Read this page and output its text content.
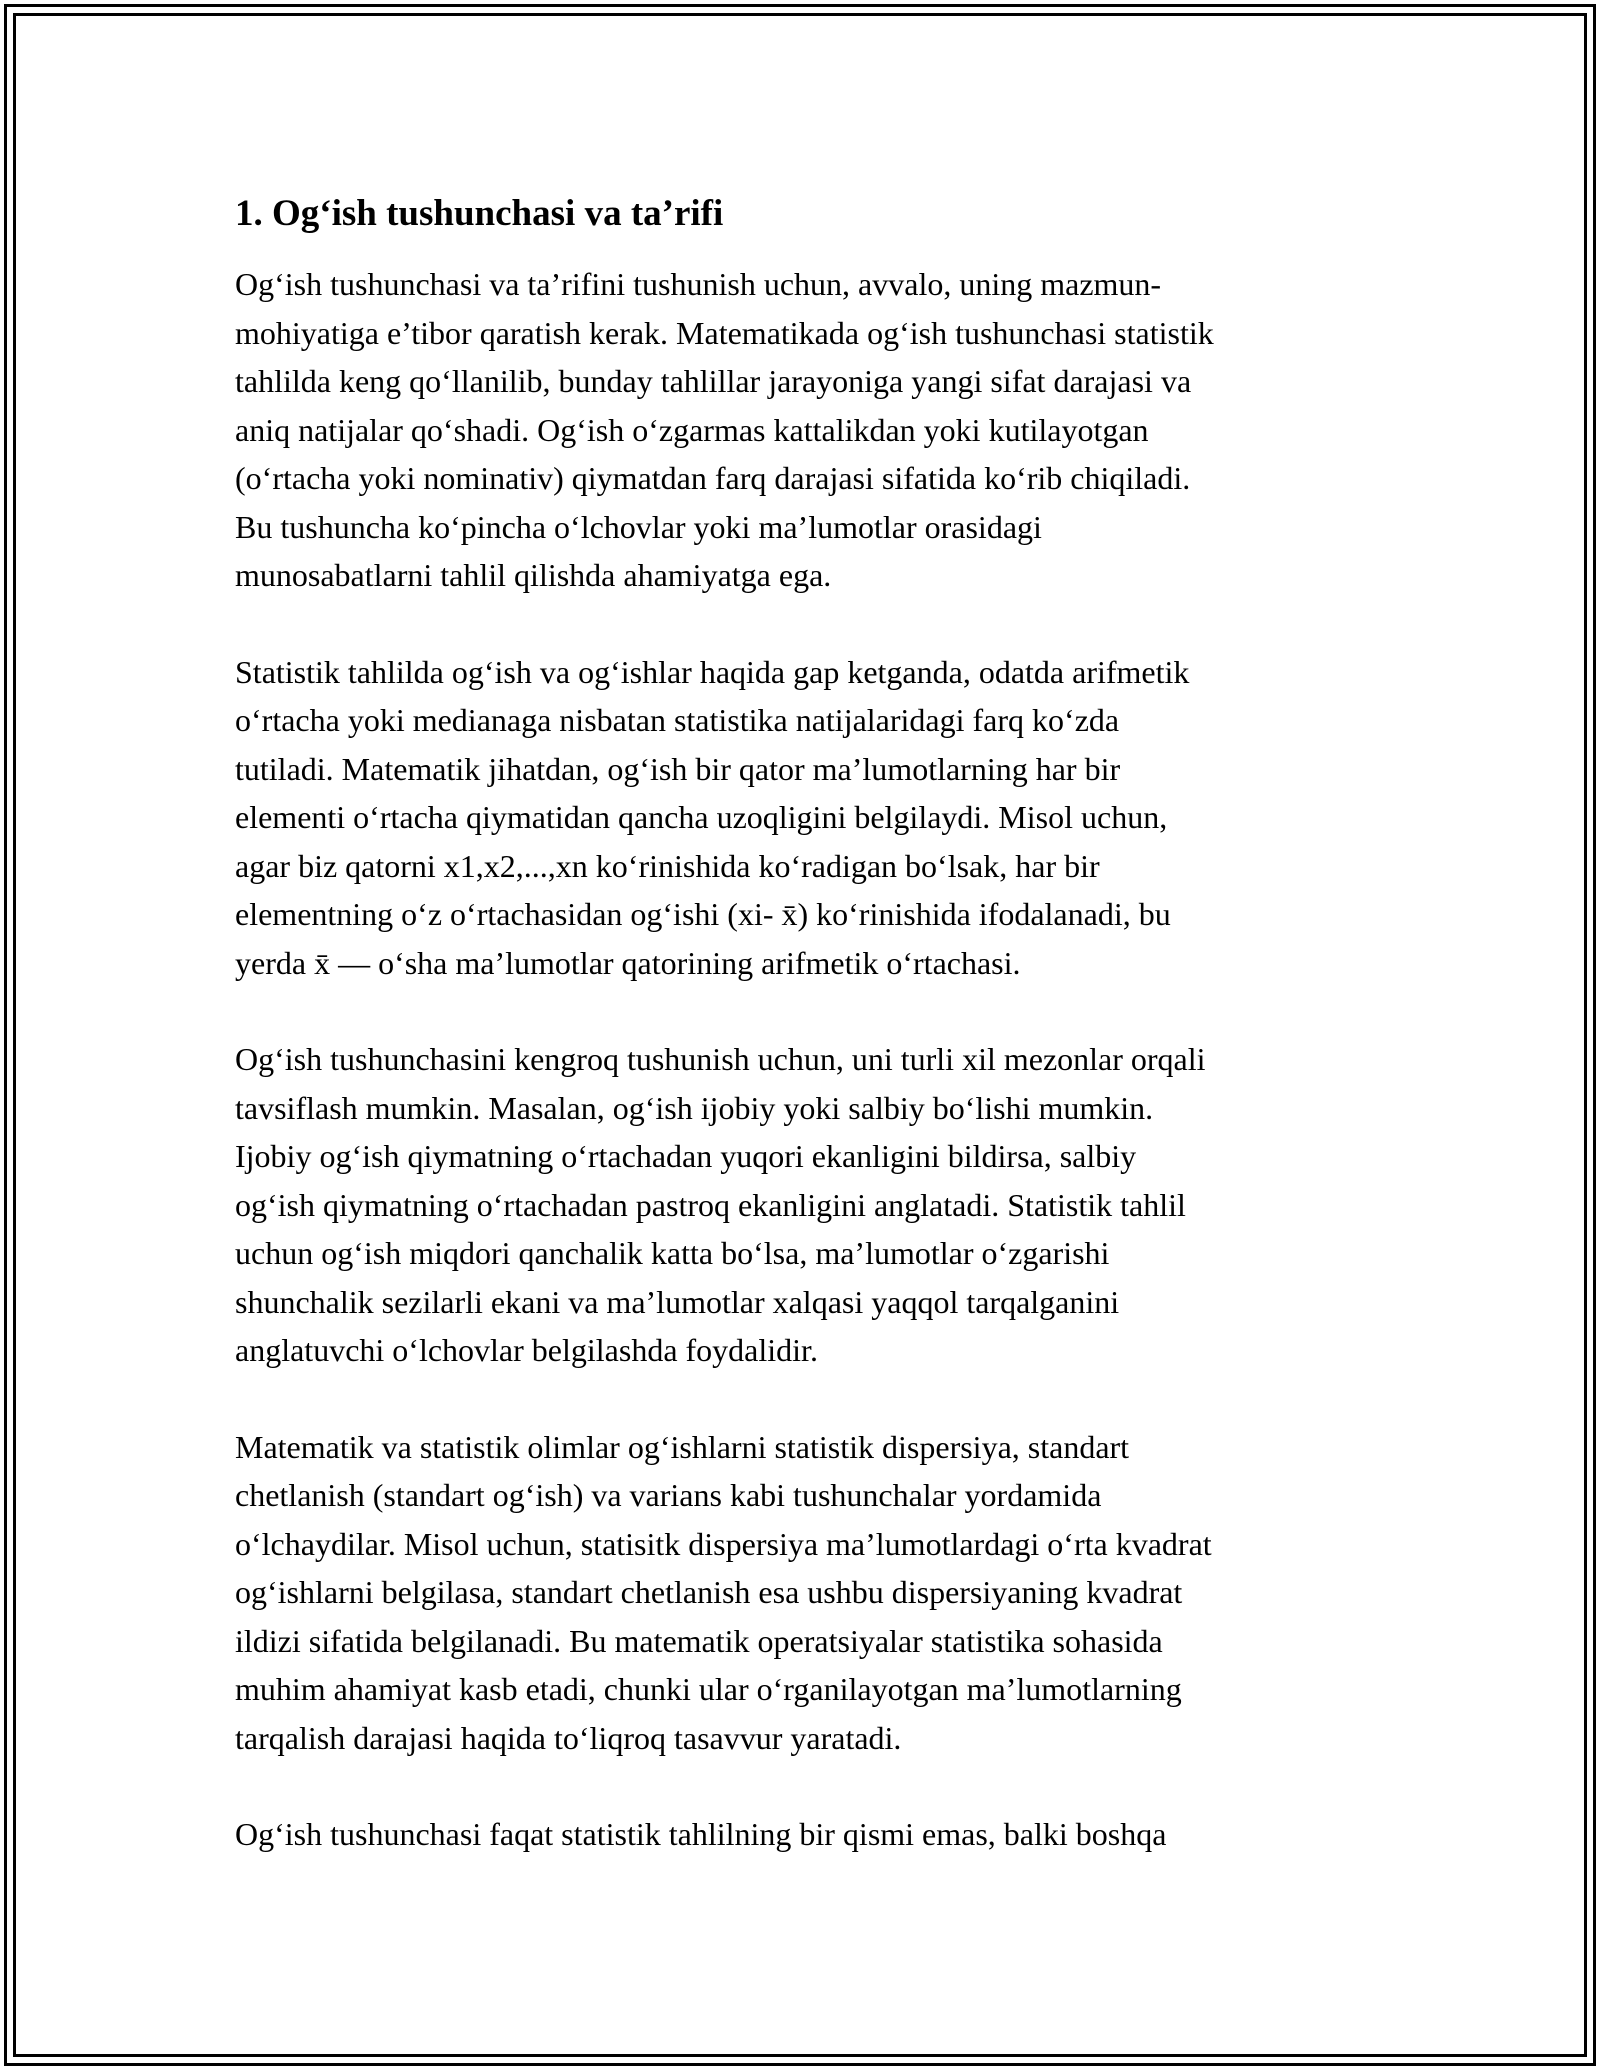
1. Og‘ish tushunchasi va ta’rifi

Og‘ish tushunchasi va ta’rifini tushunish uchun, avvalo, uning mazmun-
mohiyatiga e’tibor qaratish kerak. Matematikada og‘ish tushunchasi statistik
tahlilda keng qo‘llanilib, bunday tahlillar jarayoniga yangi sifat darajasi va
aniq natijalar qo‘shadi. Og‘ish o‘zgarmas kattalikdan yoki kutilayotgan
(o‘rtacha yoki nominativ) qiymatdan farq darajasi sifatida ko‘rib chiqiladi.
Bu tushuncha ko‘pincha o‘lchovlar yoki ma’lumotlar orasidagi
munosabatlarni tahlil qilishda ahamiyatga ega.

Statistik tahlilda og‘ish va og‘ishlar haqida gap ketganda, odatda arifmetik
o‘rtacha yoki medianaga nisbatan statistika natijalaridagi farq ko‘zda
tutiladi. Matematik jihatdan, og‘ish bir qator ma’lumotlarning har bir
elementi o‘rtacha qiymatidan qancha uzoqligini belgilaydi. Misol uchun,
agar biz qatorni x1,x2,...,xn ko‘rinishida ko‘radigan bo‘lsak, har bir
elementning o‘z o‘rtachasidan og‘ishi (xi- x̄) ko‘rinishida ifodalanadi, bu
yerda x̄ — o‘sha ma’lumotlar qatorining arifmetik o‘rtachasi.

Og‘ish tushunchasini kengroq tushunish uchun, uni turli xil mezonlar orqali
tavsiflash mumkin. Masalan, og‘ish ijobiy yoki salbiy bo‘lishi mumkin.
Ijobiy og‘ish qiymatning o‘rtachadan yuqori ekanligini bildirsa, salbiy
og‘ish qiymatning o‘rtachadan pastroq ekanligini anglatadi. Statistik tahlil
uchun og‘ish miqdori qanchalik katta bo‘lsa, ma’lumotlar o‘zgarishi
shunchalik sezilarli ekani va ma’lumotlar xalqasi yaqqol tarqalganini
anglatuvchi o‘lchovlar belgilashda foydalidir.

Matematik va statistik olimlar og‘ishlarni statistik dispersiya, standart
chetlanish (standart og‘ish) va varians kabi tushunchalar yordamida
o‘lchaydilar. Misol uchun, statisitk dispersiya ma’lumotlardagi o‘rta kvadrat
og‘ishlarni belgilasa, standart chetlanish esa ushbu dispersiyaning kvadrat
ildizi sifatida belgilanadi. Bu matematik operatsiyalar statistika sohasida
muhim ahamiyat kasb etadi, chunki ular o‘rganilayotgan ma’lumotlarning
tarqalish darajasi haqida to‘liqroq tasavvur yaratadi.

Og‘ish tushunchasi faqat statistik tahlilning bir qismi emas, balki boshqa
